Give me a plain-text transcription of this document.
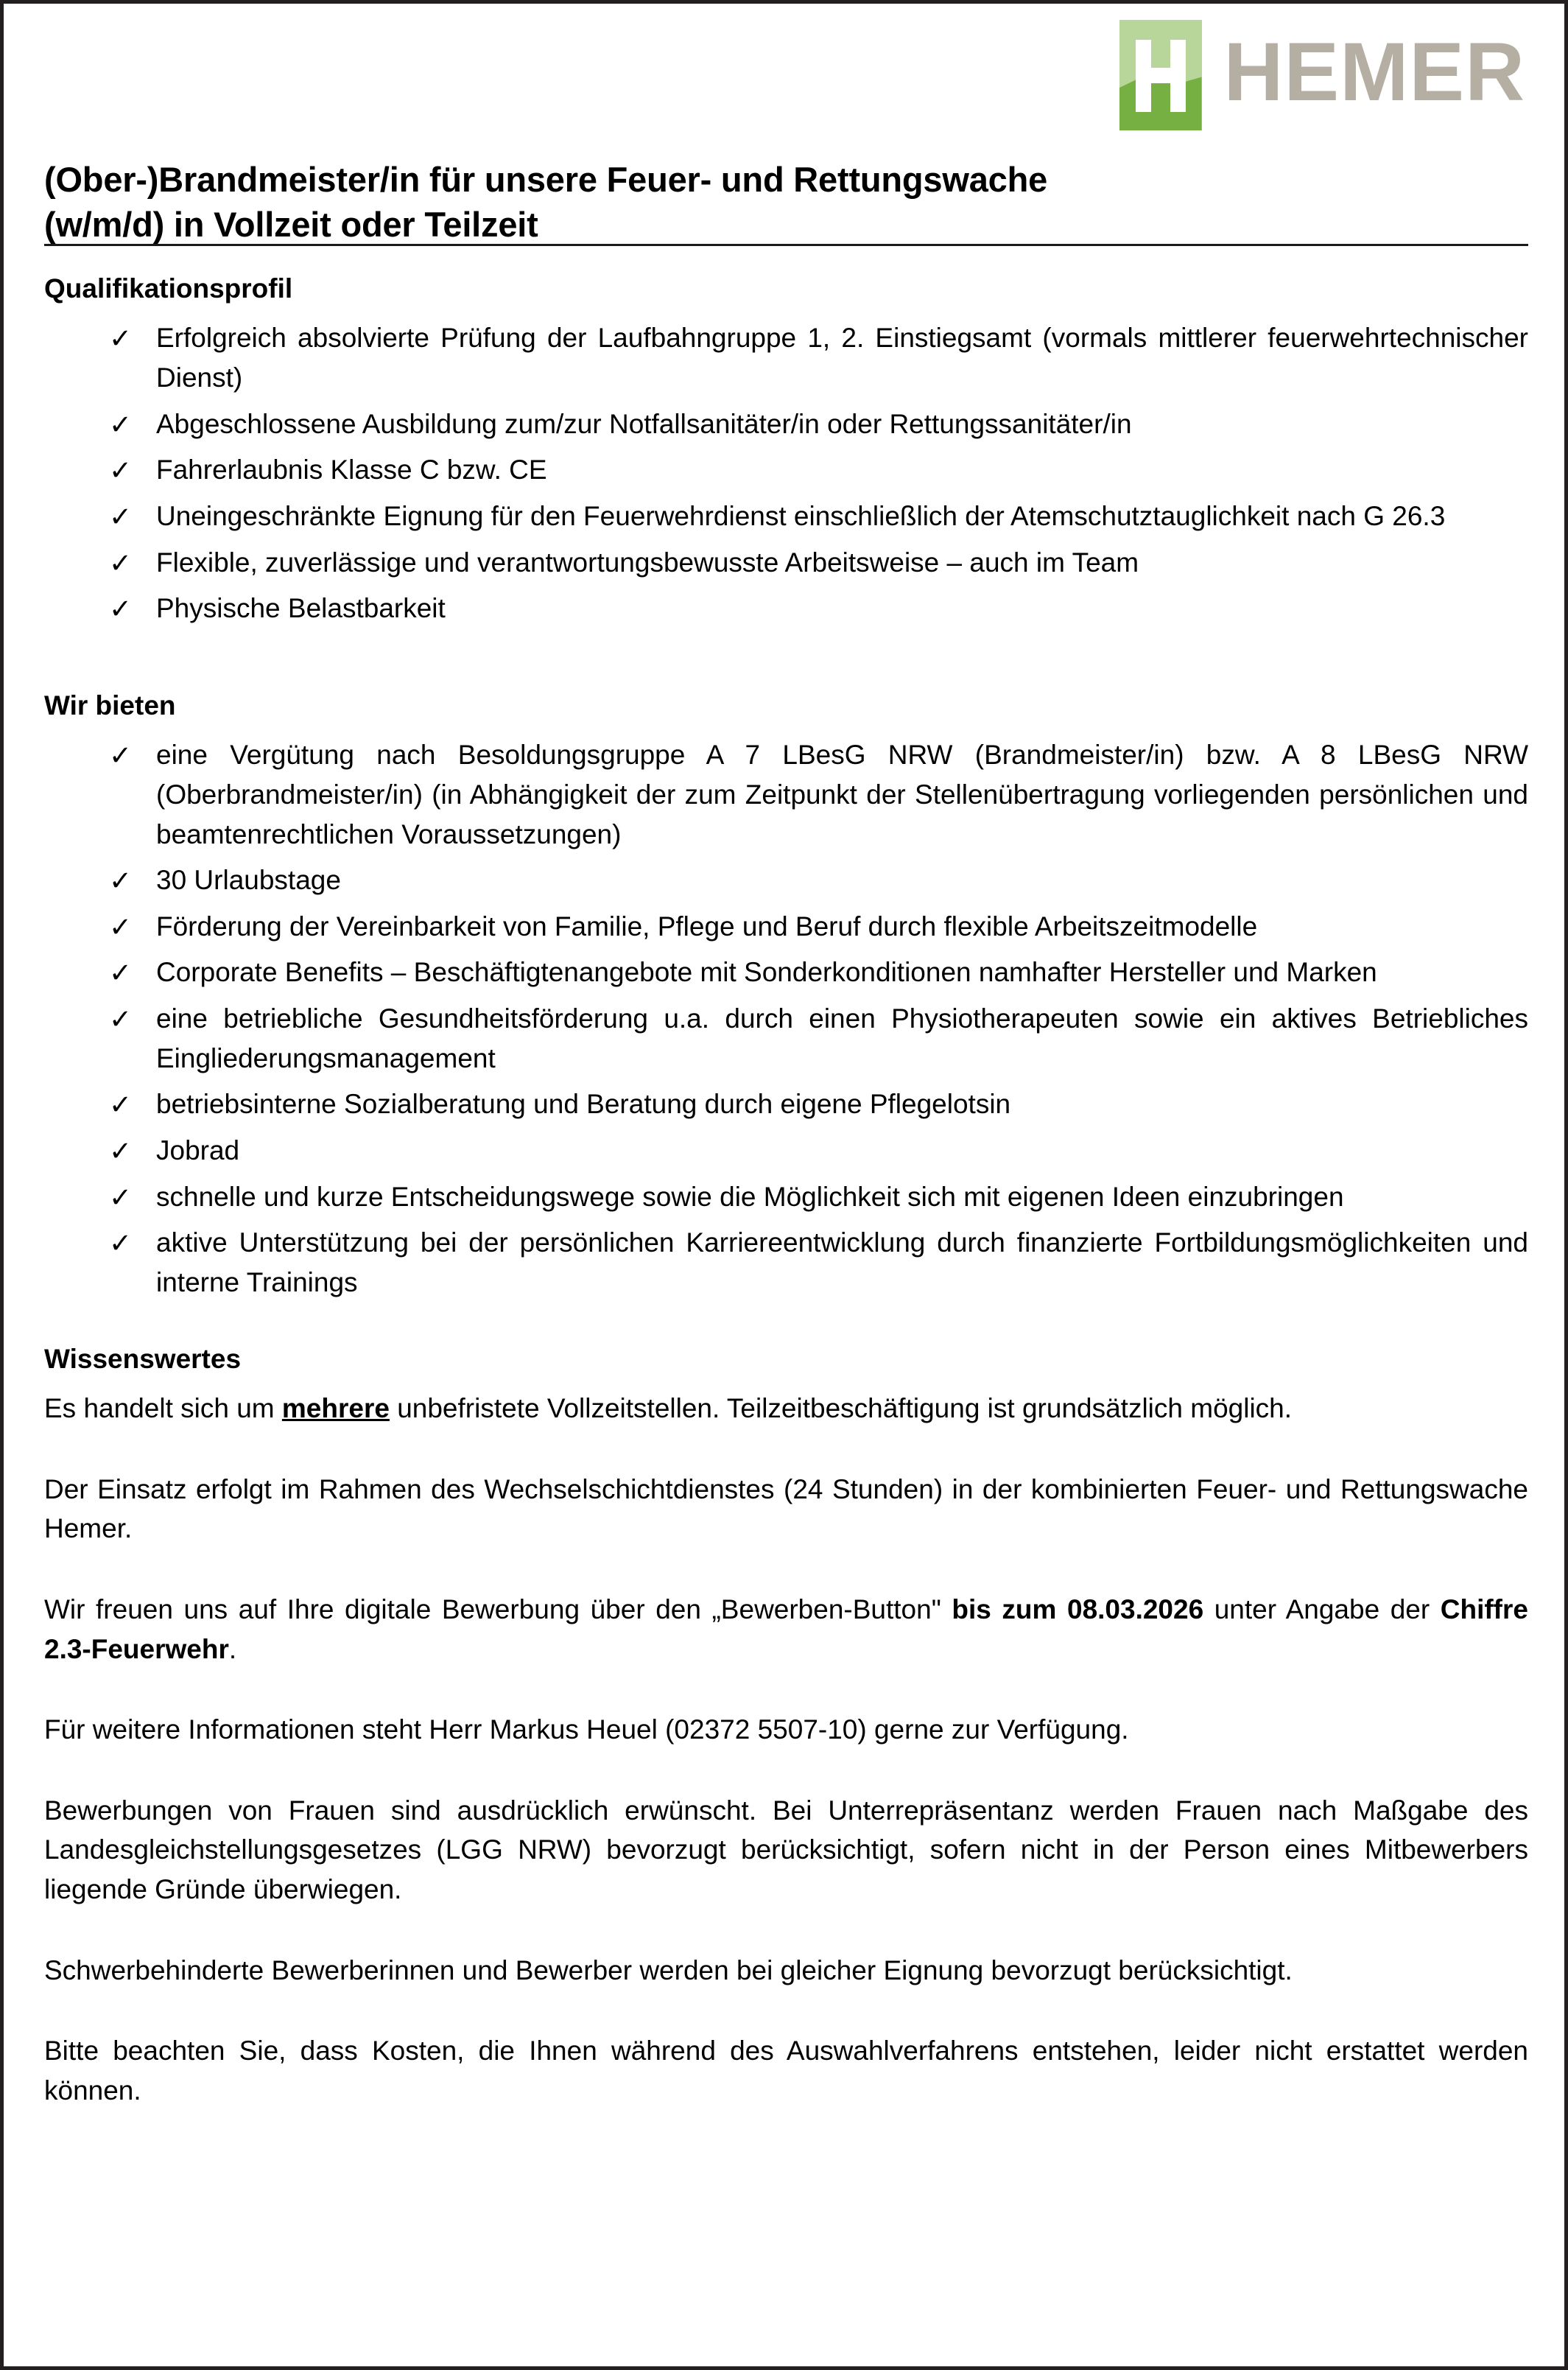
HEMER
(Ober-)Brandmeister/in für unsere Feuer- und Rettungswache (w/m/d) in Vollzeit oder Teilzeit
Qualifikationsprofil
✓ Erfolgreich absolvierte Prüfung der Laufbahngruppe 1, 2. Einstiegsamt (vormals mittlerer feuerwehrtechnischer Dienst)
✓ Abgeschlossene Ausbildung zum/zur Notfallsanitäter/in oder Rettungssanitäter/in
✓ Fahrerlaubnis Klasse C bzw. CE
✓ Uneingeschränkte Eignung für den Feuerwehrdienst einschließlich der Atemschutztauglichkeit nach G 26.3
✓ Flexible, zuverlässige und verantwortungsbewusste Arbeitsweise – auch im Team
✓ Physische Belastbarkeit
Wir bieten
✓ eine Vergütung nach Besoldungsgruppe A 7 LBesG NRW (Brandmeister/in) bzw. A 8 LBesG NRW (Oberbrandmeister/in) (in Abhängigkeit der zum Zeitpunkt der Stellenübertragung vorliegenden persönlichen und beamtenrechtlichen Voraussetzungen)
✓ 30 Urlaubstage
✓ Förderung der Vereinbarkeit von Familie, Pflege und Beruf durch flexible Arbeitszeitmodelle
✓ Corporate Benefits – Beschäftigtenangebote mit Sonderkonditionen namhafter Hersteller und Marken
✓ eine betriebliche Gesundheitsförderung u.a. durch einen Physiotherapeuten sowie ein aktives Betriebliches Eingliederungsmanagement
✓ betriebsinterne Sozialberatung und Beratung durch eigene Pflegelotsin
✓ Jobrad
✓ schnelle und kurze Entscheidungswege sowie die Möglichkeit sich mit eigenen Ideen einzubringen
✓ aktive Unterstützung bei der persönlichen Karriereentwicklung durch finanzierte Fortbildungsmöglichkeiten und interne Trainings
Wissenswertes

Es handelt sich um mehrere unbefristete Vollzeitstellen. Teilzeitbeschäftigung ist grundsätzlich möglich.

Der Einsatz erfolgt im Rahmen des Wechselschichtdienstes (24 Stunden) in der kombinierten Feuer- und Rettungswache Hemer.

Wir freuen uns auf Ihre digitale Bewerbung über den „Bewerben-Button" bis zum 08.03.2026 unter Angabe der Chiffre 2.3-Feuerwehr.

Für weitere Informationen steht Herr Markus Heuel (02372 5507-10) gerne zur Verfügung.

Bewerbungen von Frauen sind ausdrücklich erwünscht. Bei Unterrepräsentanz werden Frauen nach Maßgabe des Landesgleichstellungsgesetzes (LGG NRW) bevorzugt berücksichtigt, sofern nicht in der Person eines Mitbewerbers liegende Gründe überwiegen.

Schwerbehinderte Bewerberinnen und Bewerber werden bei gleicher Eignung bevorzugt berücksichtigt.

Bitte beachten Sie, dass Kosten, die Ihnen während des Auswahlverfahrens entstehen, leider nicht erstattet werden können.
